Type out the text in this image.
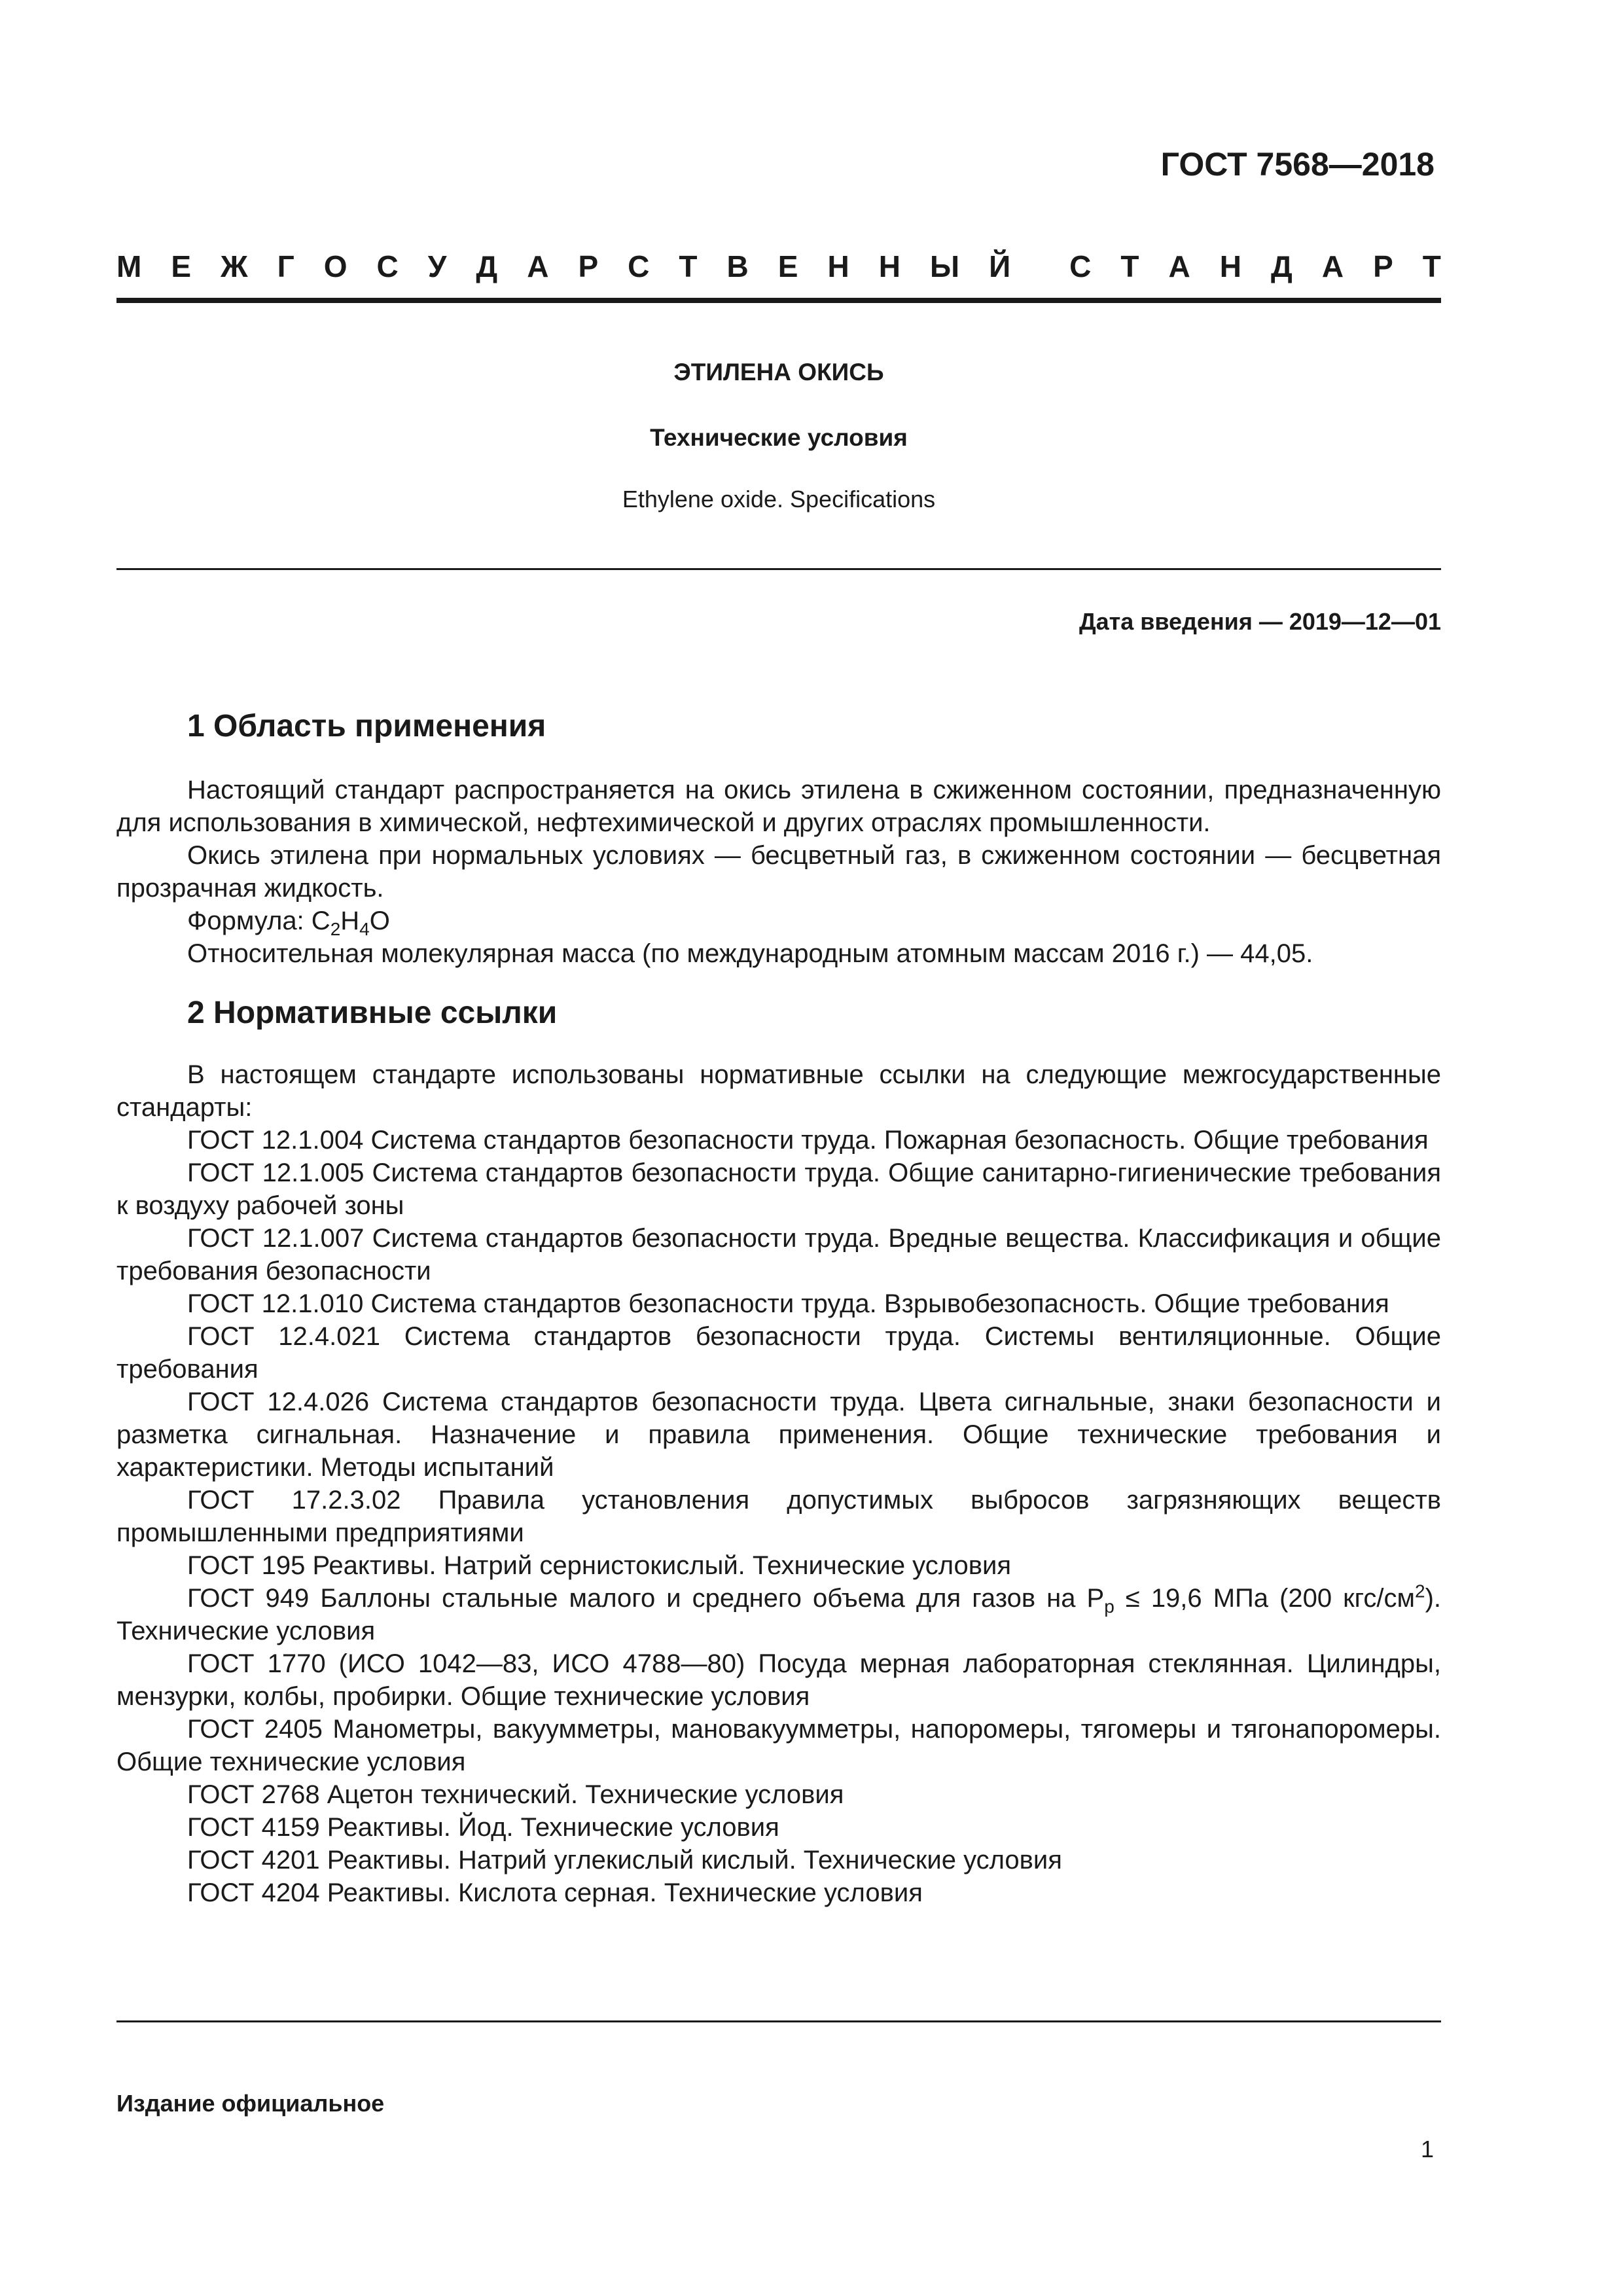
ГОСТ 7568—2018
М Е Ж Г О С У Д А Р С Т В Е Н Н Ы Й С Т А Н Д А Р Т
ЭТИЛЕНА ОКИСЬ
Технические условия
Ethylene oxide. Specifications
Дата введения — 2019—12—01
1 Область применения

Настоящий стандарт распространяется на окись этилена в сжиженном состоянии, предназначенную для использования в химической, нефтехимической и других отраслях промышленности.

Окись этилена при нормальных условиях — бесцветный газ, в сжиженном состоянии — бесцветная прозрачная жидкость.

Формула: $C_2H_4O$

Относительная молекулярная масса (по международным атомным массам 2016 г.) — 44,05.

2 Нормативные ссылки

В настоящем стандарте использованы нормативные ссылки на следующие межгосударственные стандарты:

ГОСТ 12.1.004 Система стандартов безопасности труда. Пожарная безопасность. Общие требования

ГОСТ 12.1.005 Система стандартов безопасности труда. Общие санитарно-гигиенические требования к воздуху рабочей зоны

ГОСТ 12.1.007 Система стандартов безопасности труда. Вредные вещества. Классификация и общие требования безопасности

ГОСТ 12.1.010 Система стандартов безопасности труда. Взрывобезопасность. Общие требования

ГОСТ 12.4.021 Система стандартов безопасности труда. Системы вентиляционные. Общие требования

ГОСТ 12.4.026 Система стандартов безопасности труда. Цвета сигнальные, знаки безопасности и разметка сигнальная. Назначение и правила применения. Общие технические требования и характеристики. Методы испытаний

ГОСТ 17.2.3.02 Правила установления допустимых выбросов загрязняющих веществ промышленными предприятиями

ГОСТ 195 Реактивы. Натрий сернистокислый. Технические условия

ГОСТ 949 Баллоны стальные малого и среднего объема для газов на $P_p \le 19,6$ МПа (200 кгс/$см^2$). Технические условия

ГОСТ 1770 (ИСО 1042—83, ИСО 4788—80) Посуда мерная лабораторная стеклянная. Цилиндры, мензурки, колбы, пробирки. Общие технические условия

ГОСТ 2405 Манометры, вакуумметры, мановакуумметры, напоромеры, тягомеры и тягонапоромеры. Общие технические условия

ГОСТ 2768 Ацетон технический. Технические условия

ГОСТ 4159 Реактивы. Йод. Технические условия

ГОСТ 4201 Реактивы. Натрий углекислый кислый. Технические условия

ГОСТ 4204 Реактивы. Кислота серная. Технические условия

Издание официальное
1
